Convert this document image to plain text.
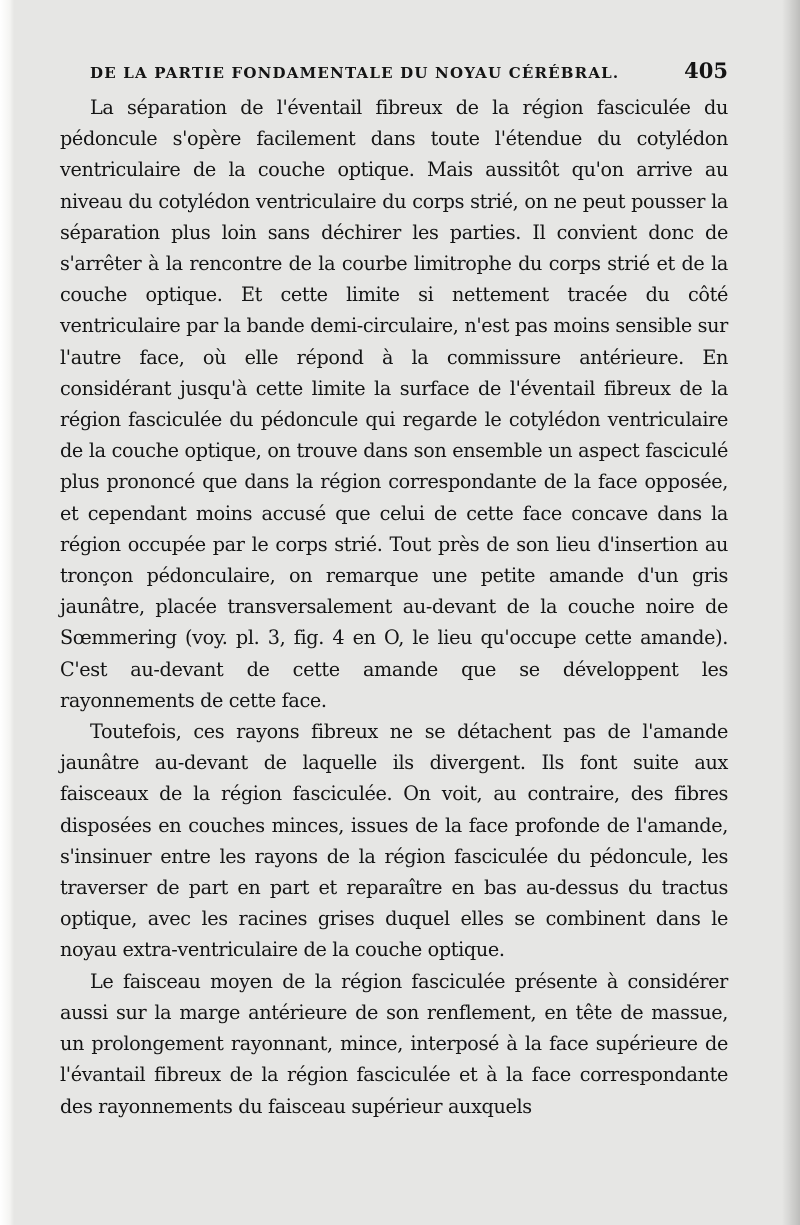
DE LA PARTIE FONDAMENTALE DU NOYAU CÉRÉBRAL.	405

La séparation de l'éventail fibreux de la région fasciculée du pédoncule s'opère facilement dans toute l'étendue du cotylédon ventriculaire de la couche optique. Mais aussitôt qu'on arrive au niveau du cotylédon ventriculaire du corps strié, on ne peut pousser la séparation plus loin sans déchirer les parties. Il convient donc de s'arrêter à la rencontre de la courbe limitrophe du corps strié et de la couche optique. Et cette limite si nettement tracée du côté ventriculaire par la bande demi-circulaire, n'est pas moins sensible sur l'autre face, où elle répond à la commissure antérieure. En considérant jusqu'à cette limite la surface de l'éventail fibreux de la région fasciculée du pédoncule qui regarde le cotylédon ventriculaire de la couche optique, on trouve dans son ensemble un aspect fasciculé plus prononcé que dans la région correspondante de la face opposée, et cependant moins accusé que celui de cette face concave dans la région occupée par le corps strié. Tout près de son lieu d'insertion au tronçon pédonculaire, on remarque une petite amande d'un gris jaunâtre, placée transversalement au-devant de la couche noire de Sœmmering (voy. pl. 3, fig. 4 en O, le lieu qu'occupe cette amande). C'est au-devant de cette amande que se développent les rayonnements de cette face.

Toutefois, ces rayons fibreux ne se détachent pas de l'amande jaunâtre au-devant de laquelle ils divergent. Ils font suite aux faisceaux de la région fasciculée. On voit, au contraire, des fibres disposées en couches minces, issues de la face profonde de l'amande, s'insinuer entre les rayons de la région fasciculée du pédoncule, les traverser de part en part et reparaître en bas au-dessus du tractus optique, avec les racines grises duquel elles se combinent dans le noyau extra-ventriculaire de la couche optique.

Le faisceau moyen de la région fasciculée présente à considérer aussi sur la marge antérieure de son renflement, en tête de massue, un prolongement rayonnant, mince, interposé à la face supérieure de l'évantail fibreux de la région fasciculée et à la face correspondante des rayonnements du faisceau supérieur auxquels
